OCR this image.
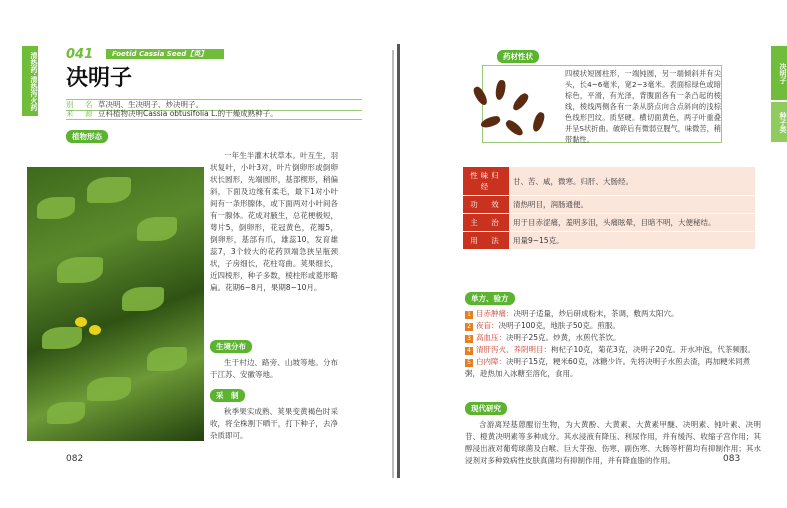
清热药·清热泻火药 041	Foetid Cassia Seed【英】
决明子
别　名 草决明、生决明子、炒决明子。
来　源 豆科植物决明Cassia obtusifolia L.的干燥成熟种子。
植物形态
一年生半灌木状草本。叶互生，羽状复叶，小叶3对，叶片倒卵形或倒卵状长圆形，先端圆形，基部楔形，稍偏斜，下面及边缘有柔毛，最下1对小叶间有一条形腺体，或下面两对小叶间各有一腺体。花成对腋生，总花梗极短，萼片5，倒卵形，花冠黄色，花瓣5，倒卵形，基部有爪，雄蕊10，发育雄蕊7，3个较大的花药顶端急狭呈瓶颈状，子房细长，花柱弯曲。荚果细长，近四棱形，种子多数，棱柱形或菱形略扁。花期6~8月，果期8~10月。
生境分布
生于村边、路旁、山坡等地。分布于江苏、安徽等地。
采　制
秋季果实成熟、荚果变黄褐色时采收，将全株割下晒干，打下种子，去净杂质即可。
082
药材性状
四棱状短圆柱形，一端钝圆，另一端倾斜并有尖头，长4~6毫米，宽2~3毫米。表面棕绿色或暗棕色，平滑，有光泽，背腹面各有一条凸起的棱线，棱线两侧各有一条从脐点向合点斜向的浅棕色线形凹纹。质坚硬。横切面黄色，两子叶重叠并呈S状折曲。破碎后有微弱豆腥气，味微苦，稍带黏性。
性味归经	甘、苦、咸，微寒。归肝、大肠经。
功　效	清热明目，润肠通便。
主　治	用于目赤涩痛，羞明多泪，头痛眩晕，目暗不明，大便秘结。
用　法	用量9~15克。
单方、验方
1 目赤肿痛：决明子适量，炒后研成粉末，茶调，敷两太阳穴。
2 夜盲：决明子100克，地肤子50克。煎服。
3 高血压：决明子25克。炒黄，水煎代茶饮。
4 清肝泻火、养阴明目：枸杞子10克，菊花3克，决明子20克。开水冲泡，代茶频服。
5 白内障：决明子15克，粳米60克，冰糖少许。先将决明子水煎去渣，再加粳米同煮粥，趁热加入冰糖至溶化，食用。
现代研究
含游离羟基蒽醌衍生物，为大黄酚、大黄素、大黄素甲醚、决明素、钝叶素、决明苷、橙黄决明素等多种成分。其水浸液有降压、利尿作用，并有缓泻、收缩子宫作用；其醇浸出液对葡萄球菌及白喉、巨大芽孢、伤寒、副伤寒、大肠等杆菌均有抑制作用；其水浸剂对多种致病性皮肤真菌均有抑制作用，并有降血脂的作用。	083
决明子
种子类
